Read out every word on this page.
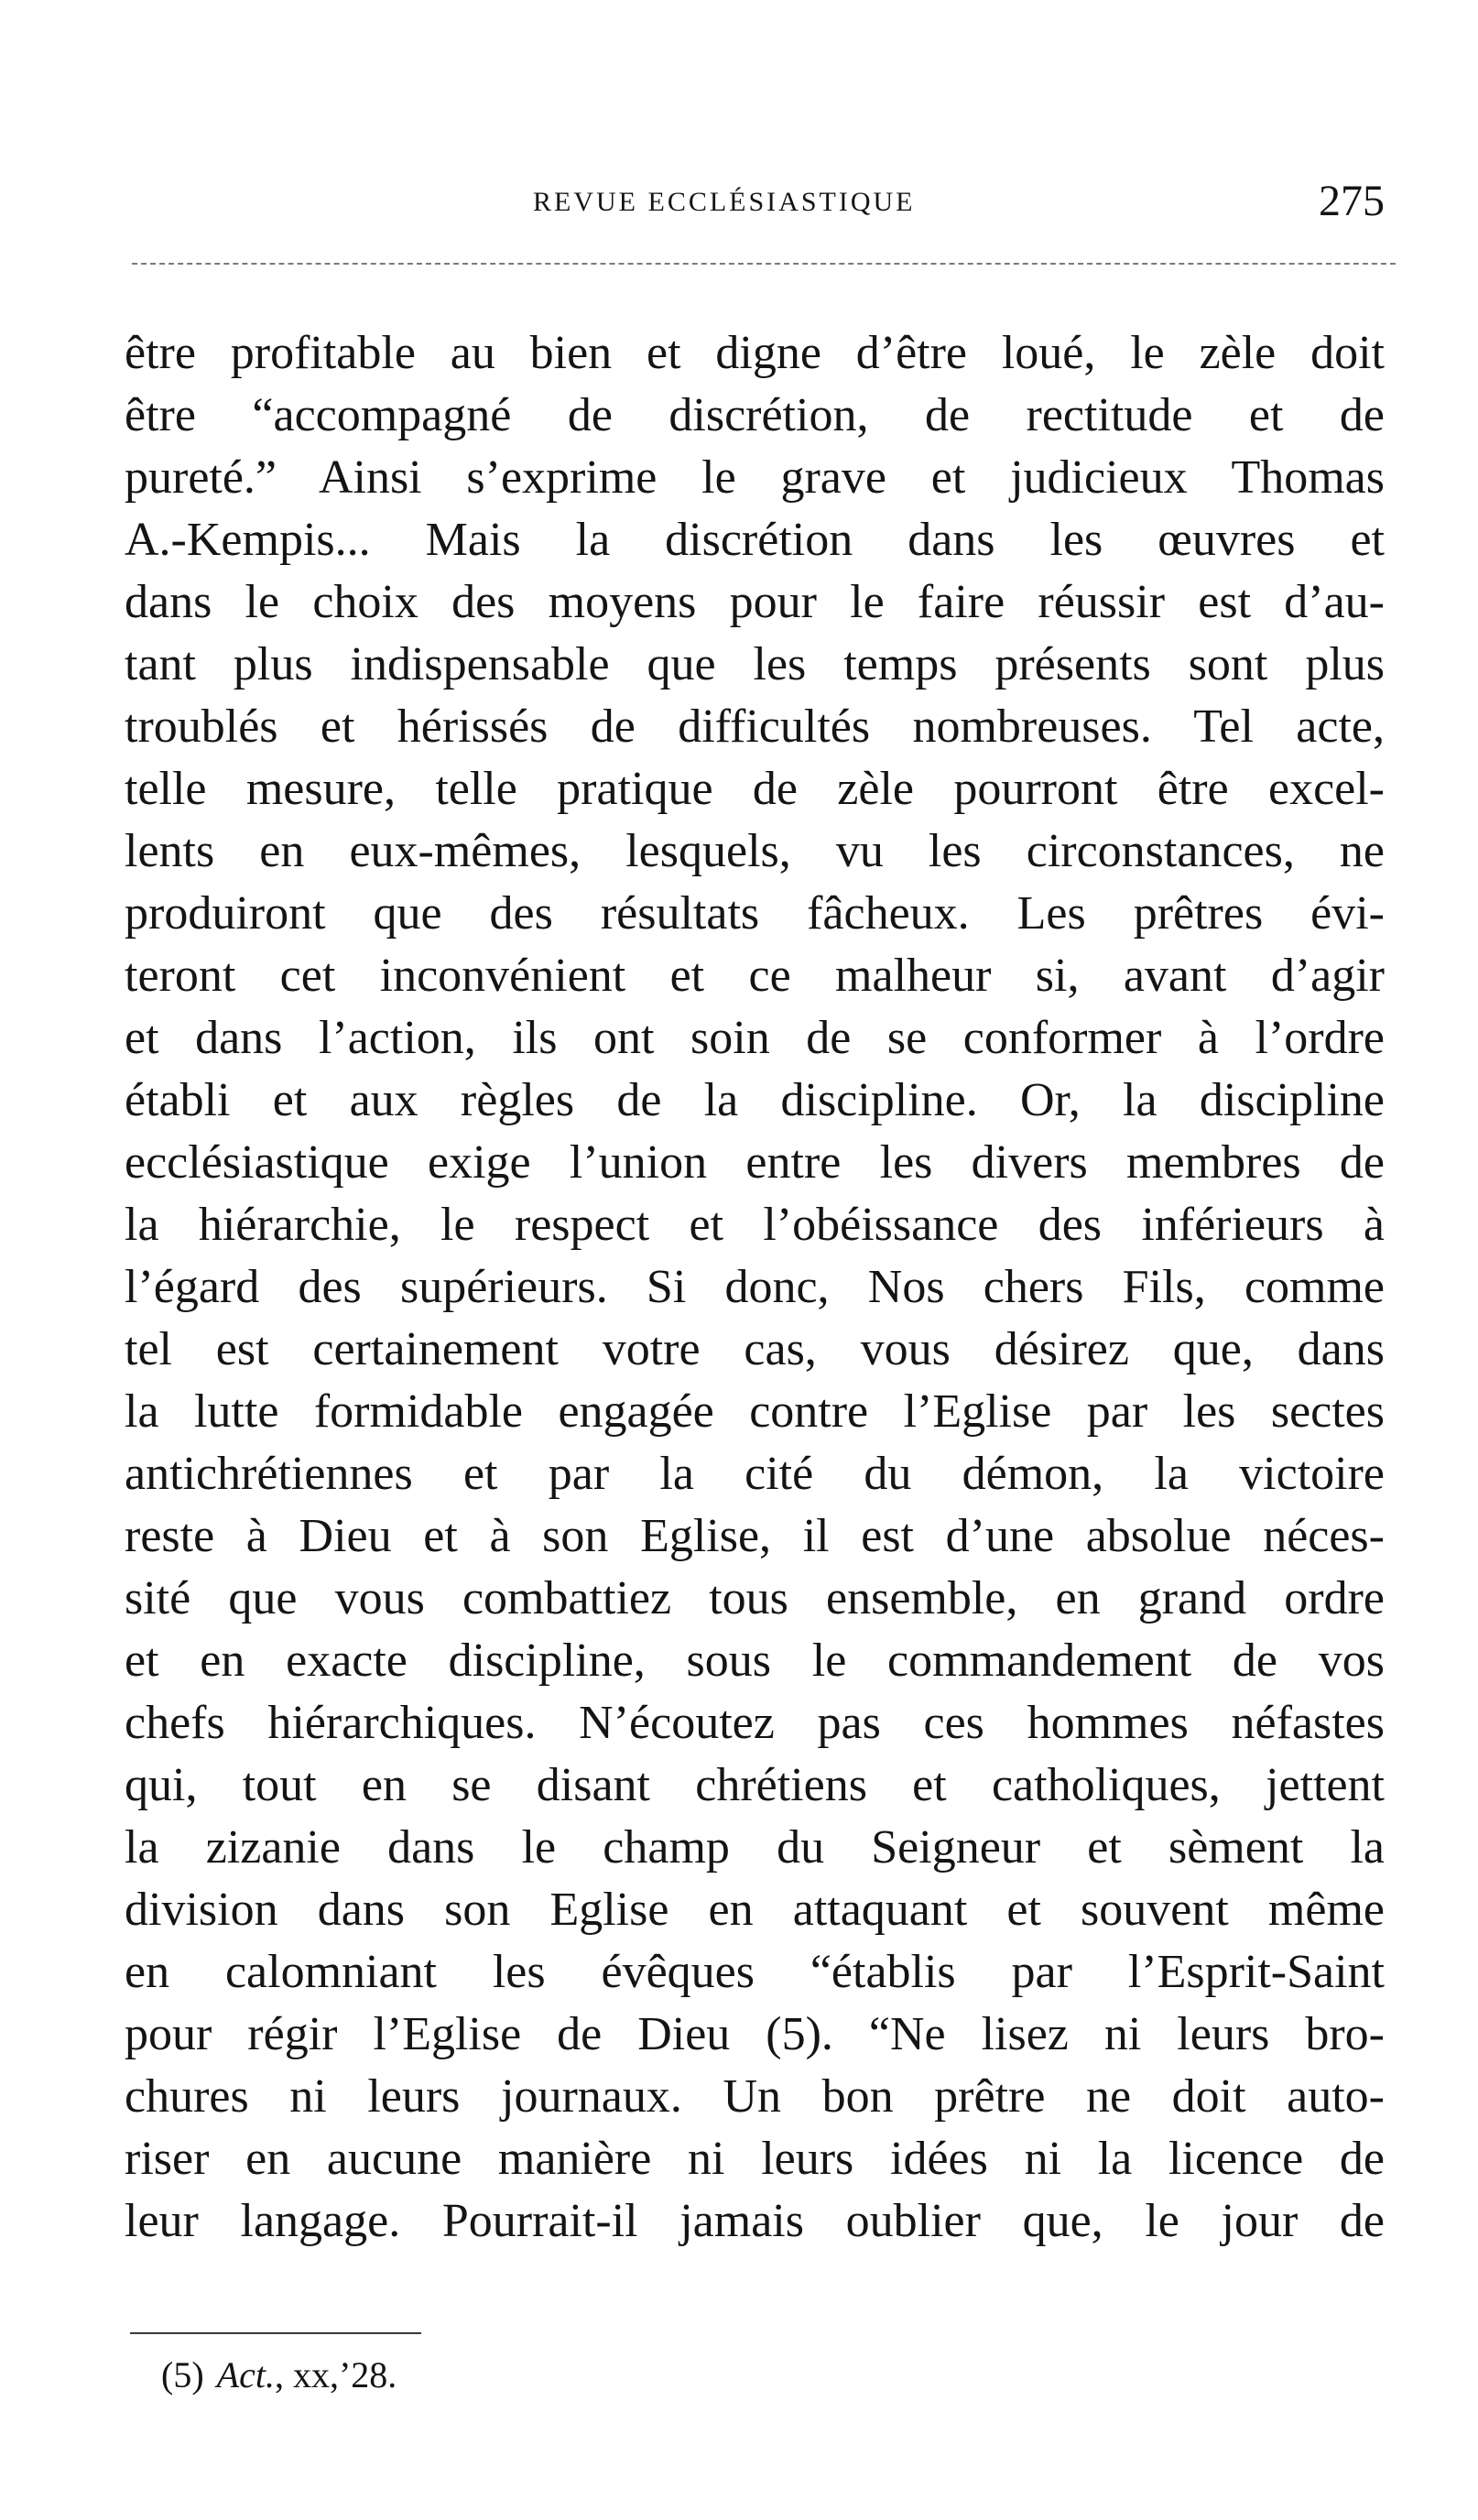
REVUE ECCLÉSIASTIQUE	275
être profitable au bien et digne d’être loué, le zèle doit
être “accompagné de discrétion, de rectitude et de
pureté.” Ainsi s’exprime le grave et judicieux Thomas
A.-Kempis... Mais la discrétion dans les œuvres et
dans le choix des moyens pour le faire réussir est d’au-
tant plus indispensable que les temps présents sont plus
troublés et hérissés de difficultés nombreuses. Tel acte,
telle mesure, telle pratique de zèle pourront être excel-
lents en eux-mêmes, lesquels, vu les circonstances, ne
produiront que des résultats fâcheux. Les prêtres évi-
teront cet inconvénient et ce malheur si, avant d’agir
et dans l’action, ils ont soin de se conformer à l’ordre
établi et aux règles de la discipline. Or, la discipline
ecclésiastique exige l’union entre les divers membres de
la hiérarchie, le respect et l’obéissance des inférieurs à
l’égard des supérieurs. Si donc, Nos chers Fils, comme
tel est certainement votre cas, vous désirez que, dans
la lutte formidable engagée contre l’Eglise par les sectes
antichrétiennes et par la cité du démon, la victoire
reste à Dieu et à son Eglise, il est d’une absolue néces-
sité que vous combattiez tous ensemble, en grand ordre
et en exacte discipline, sous le commandement de vos
chefs hiérarchiques. N’écoutez pas ces hommes néfastes
qui, tout en se disant chrétiens et catholiques, jettent
la zizanie dans le champ du Seigneur et sèment la
division dans son Eglise en attaquant et souvent même
en calomniant les évêques “établis par l’Esprit-Saint
pour régir l’Eglise de Dieu (5). “Ne lisez ni leurs bro-
chures ni leurs journaux. Un bon prêtre ne doit auto-
riser en aucune manière ni leurs idées ni la licence de
leur langage. Pourrait-il jamais oublier que, le jour de
(5) Act., xx,’28.
